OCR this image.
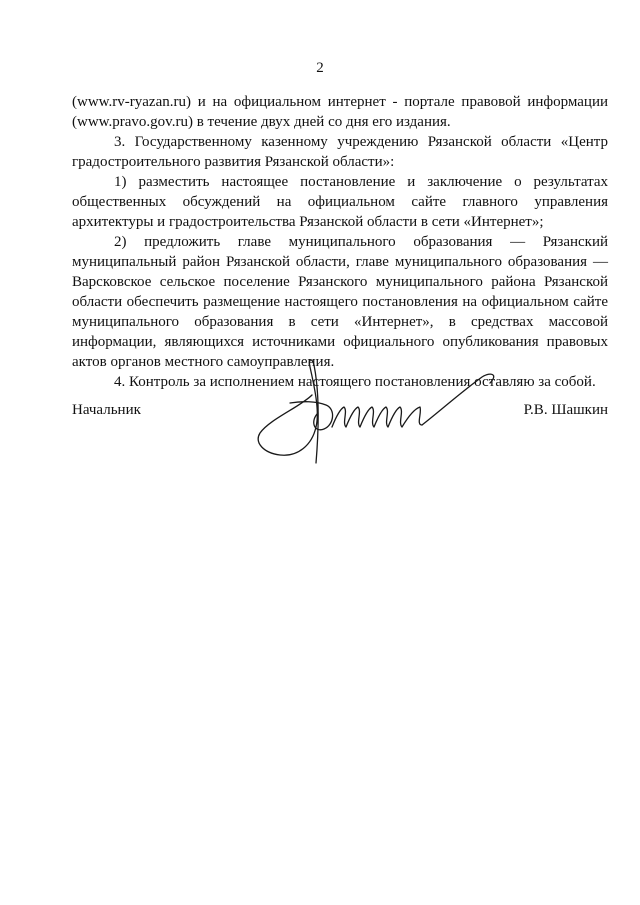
2

(www.rv-ryazan.ru) и на официальном интернет - портале правовой информации (www.pravo.gov.ru) в течение двух дней со дня его издания.

3. Государственному казенному учреждению Рязанской области «Центр градостроительного развития Рязанской области»:

1) разместить настоящее постановление и заключение о результатах общественных обсуждений на официальном сайте главного управления архитектуры и градостроительства Рязанской области в сети «Интернет»;

2) предложить главе муниципального образования — Рязанский муниципальный район Рязанской области, главе муниципального образования — Варсковское сельское поселение Рязанского муниципального района Рязанской области обеспечить размещение настоящего постановления на официальном сайте муниципального образования в сети «Интернет», в средствах массовой информации, являющихся источниками официального опубликования правовых актов органов местного самоуправления.

4. Контроль за исполнением настоящего постановления оставляю за собой.

Начальник	Р.В. Шашкин
